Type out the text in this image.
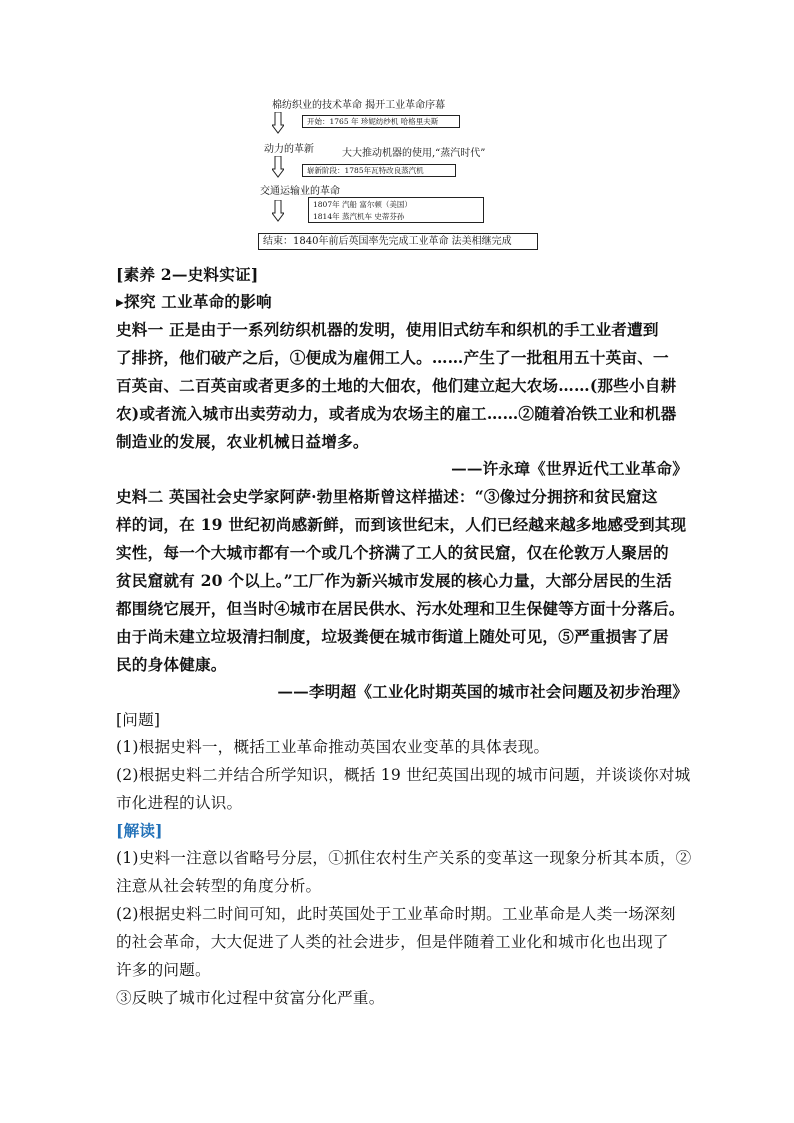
棉纺织业的技术革命 揭开工业革命序幕
开始：1765 年 珍妮纺纱机 哈格里夫斯
动力的革新	大大推动机器的使用,“蒸汽时代”
崭新阶段：1785年瓦特改良蒸汽机
交通运输业的革命
1807年 汽船 富尔顿（美国）
1814年 蒸汽机车 史蒂芬孙
结束：1840年前后英国率先完成工业革命 法美相继完成
[素养 2—史料实证]
▸探究 工业革命的影响
史料一 正是由于一系列纺织机器的发明，使用旧式纺车和织机的手工业者遭到
了排挤，他们破产之后，①便成为雇佣工人。……产生了一批租用五十英亩、一
百英亩、二百英亩或者更多的土地的大佃农，他们建立起大农场……(那些小自耕
农)或者流入城市出卖劳动力，或者成为农场主的雇工……②随着冶铁工业和机器
制造业的发展，农业机械日益增多。
——许永璋《世界近代工业革命》
史料二 英国社会史学家阿萨·勃里格斯曾这样描述：“③像过分拥挤和贫民窟这
样的词，在 19 世纪初尚感新鲜，而到该世纪末，人们已经越来越多地感受到其现
实性，每一个大城市都有一个或几个挤满了工人的贫民窟，仅在伦敦万人聚居的
贫民窟就有 20 个以上。”工厂作为新兴城市发展的核心力量，大部分居民的生活
都围绕它展开，但当时④城市在居民供水、污水处理和卫生保健等方面十分落后。
由于尚未建立垃圾清扫制度，垃圾粪便在城市街道上随处可见，⑤严重损害了居
民的身体健康。
——李明超《工业化时期英国的城市社会问题及初步治理》
[问题]
(1)根据史料一，概括工业革命推动英国农业变革的具体表现。
(2)根据史料二并结合所学知识，概括 19 世纪英国出现的城市问题，并谈谈你对城
市化进程的认识。
[解读]
(1)史料一注意以省略号分层，①抓住农村生产关系的变革这一现象分析其本质，②
注意从社会转型的角度分析。
(2)根据史料二时间可知，此时英国处于工业革命时期。工业革命是人类一场深刻
的社会革命，大大促进了人类的社会进步，但是伴随着工业化和城市化也出现了
许多的问题。
③反映了城市化过程中贫富分化严重。
